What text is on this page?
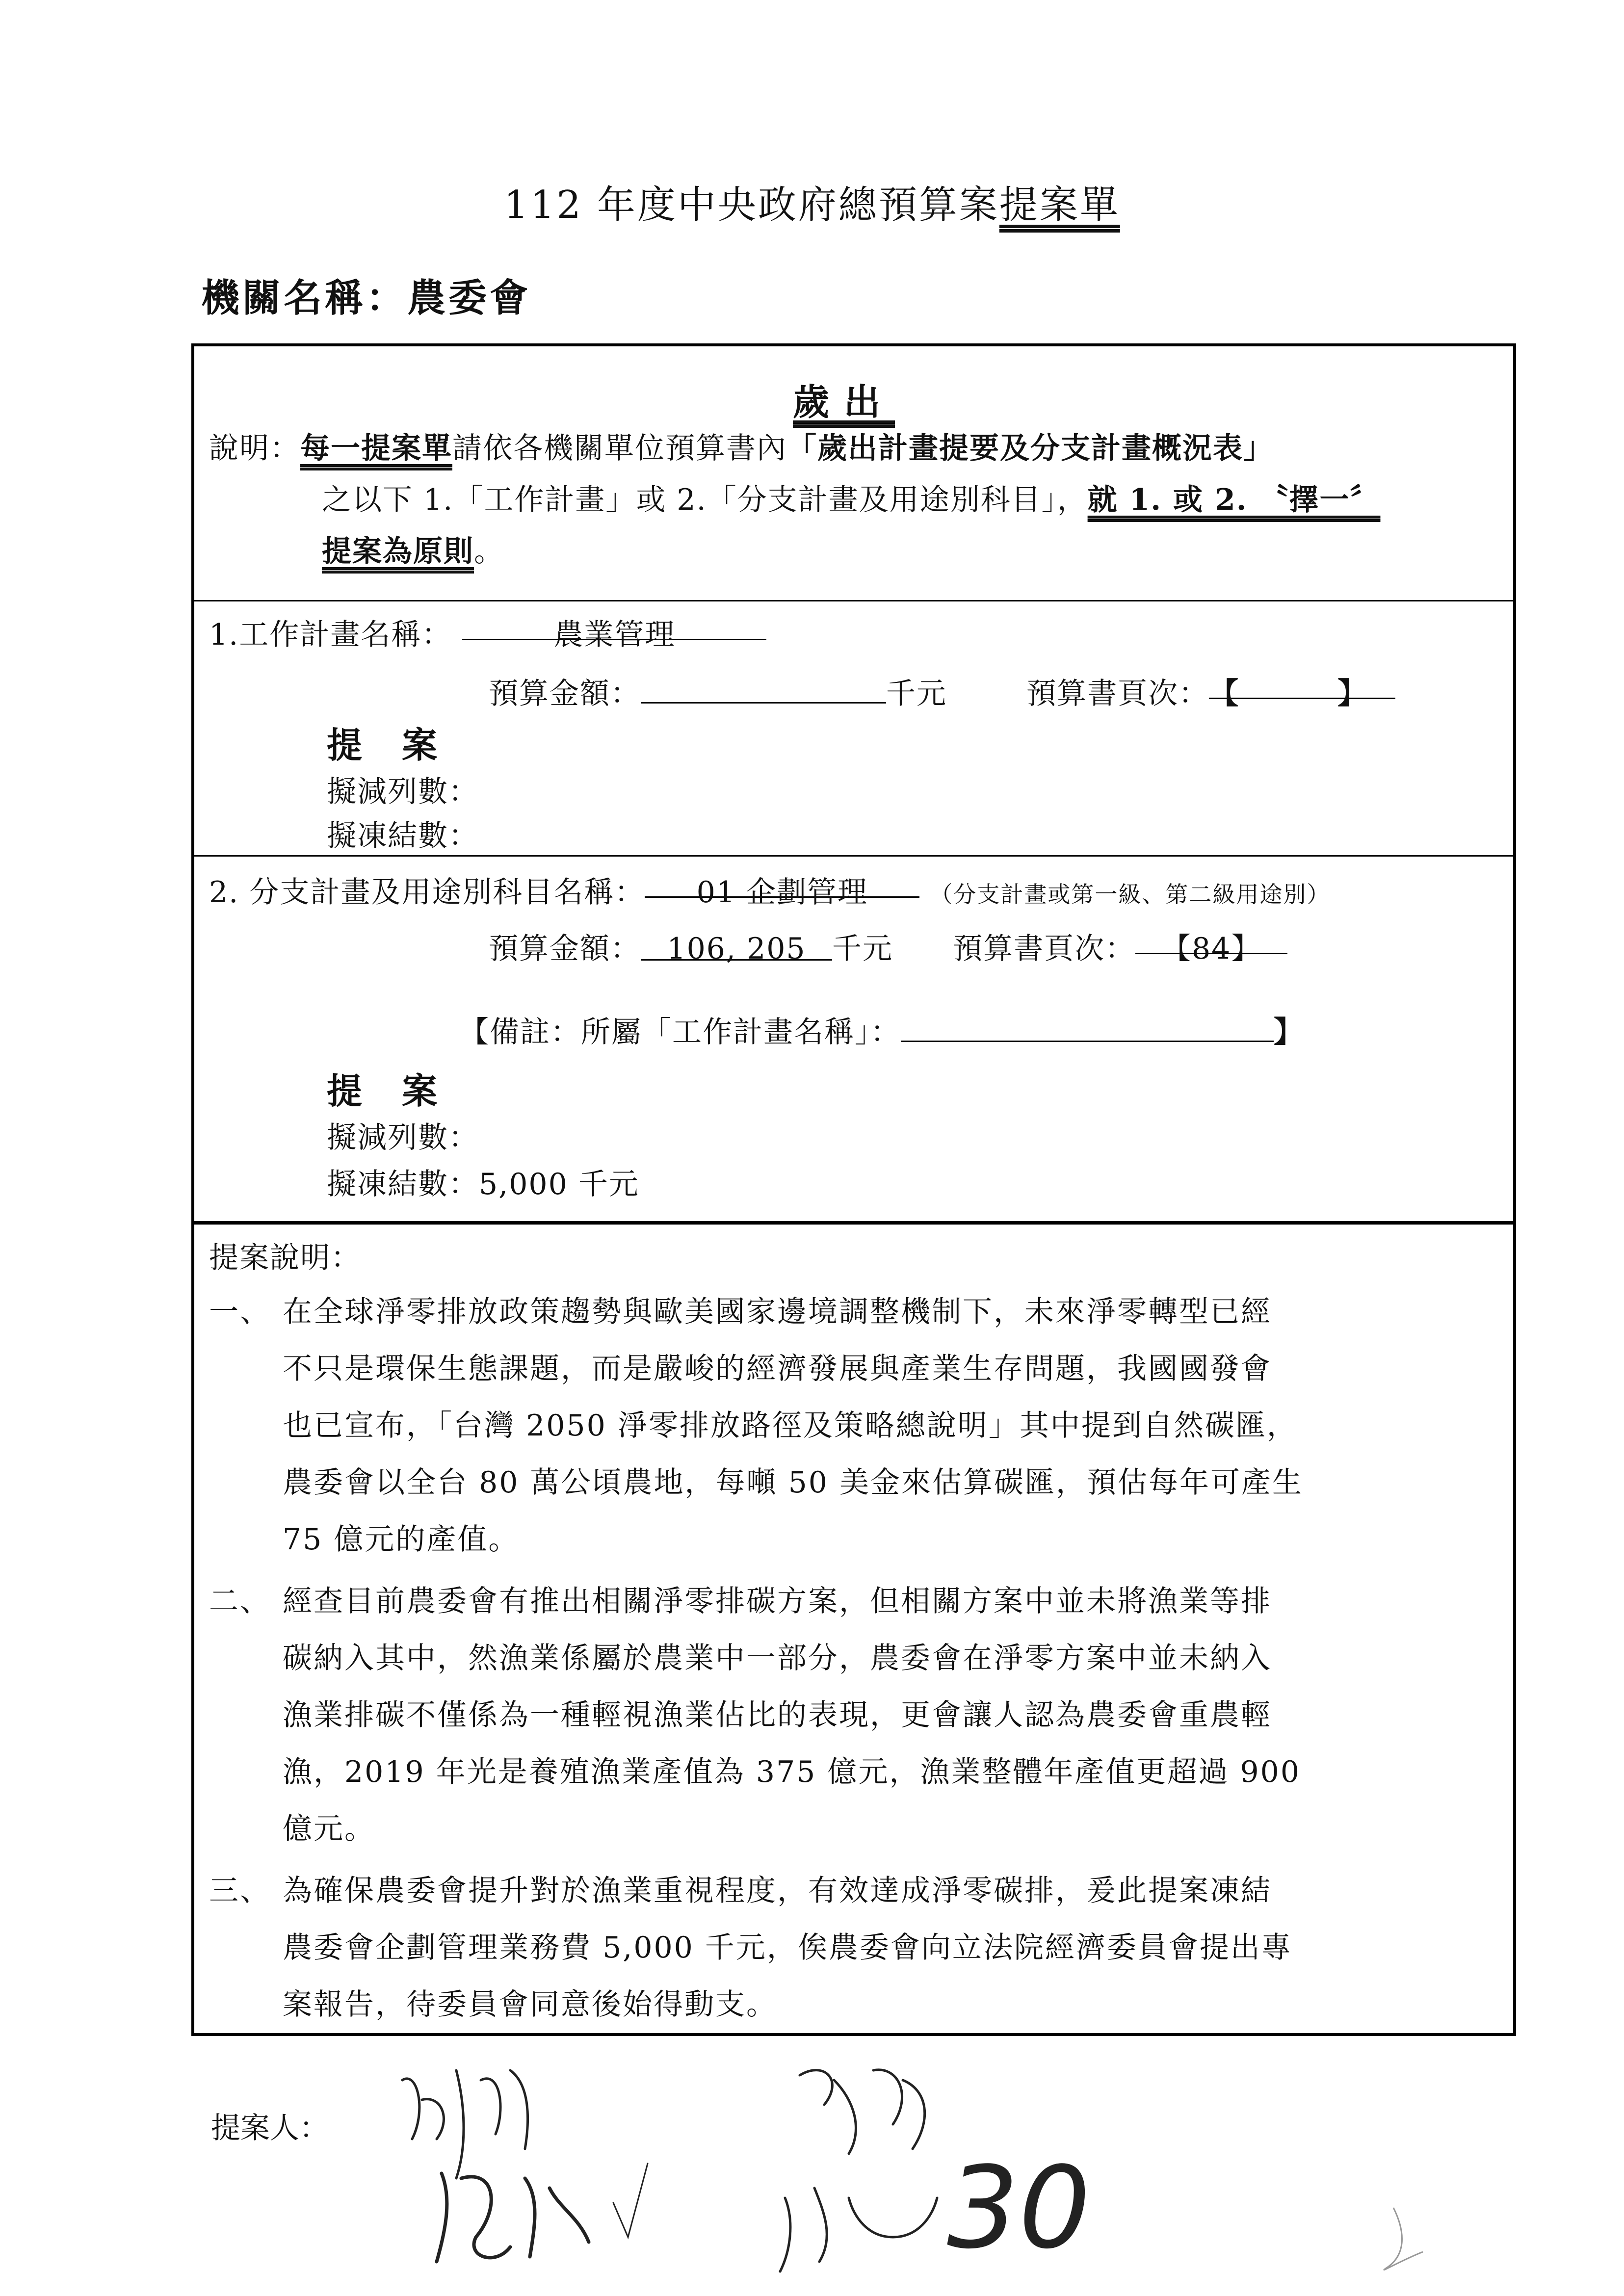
112 年度中央政府總預算案提案單
機關名稱：農委會
歲出
說明：每一提案單請依各機關單位預算書內「歲出計畫提要及分支計畫概況表」
之以下 1.「工作計畫」或 2.「分支計畫及用途別科目」，就 1. 或 2. 〝擇一〞
提案為原則。
1.工作計畫名稱：	農業管理
預算金額：	千元	預算書頁次：【	】
提 案
擬減列數：
擬凍結數：
2. 分支計畫及用途別科目名稱： 01 企劃管理	（分支計畫或第一級、第二級用途別）
預算金額： 106, 205 千元 預算書頁次： 【84】
【備註：所屬「工作計畫名稱」：	】
提 案
擬減列數：
擬凍結數：5,000 千元
提案說明：
一、 在全球淨零排放政策趨勢與歐美國家邊境調整機制下，未來淨零轉型已經
不只是環保生態課題，而是嚴峻的經濟發展與產業生存問題，我國國發會
也已宣布，「台灣 2050 淨零排放路徑及策略總說明」其中提到自然碳匯，
農委會以全台 80 萬公頃農地，每噸 50 美金來估算碳匯，預估每年可產生
75 億元的產值。
二、 經查目前農委會有推出相關淨零排碳方案，但相關方案中並未將漁業等排
碳納入其中，然漁業係屬於農業中一部分，農委會在淨零方案中並未納入
漁業排碳不僅係為一種輕視漁業佔比的表現，更會讓人認為農委會重農輕
漁，2019 年光是養殖漁業產值為 375 億元，漁業整體年產值更超過 900
億元。
三、 為確保農委會提升對於漁業重視程度，有效達成淨零碳排，爰此提案凍結
農委會企劃管理業務費 5,000 千元，俟農委會向立法院經濟委員會提出專
案報告，待委員會同意後始得動支。
提案人：
30
